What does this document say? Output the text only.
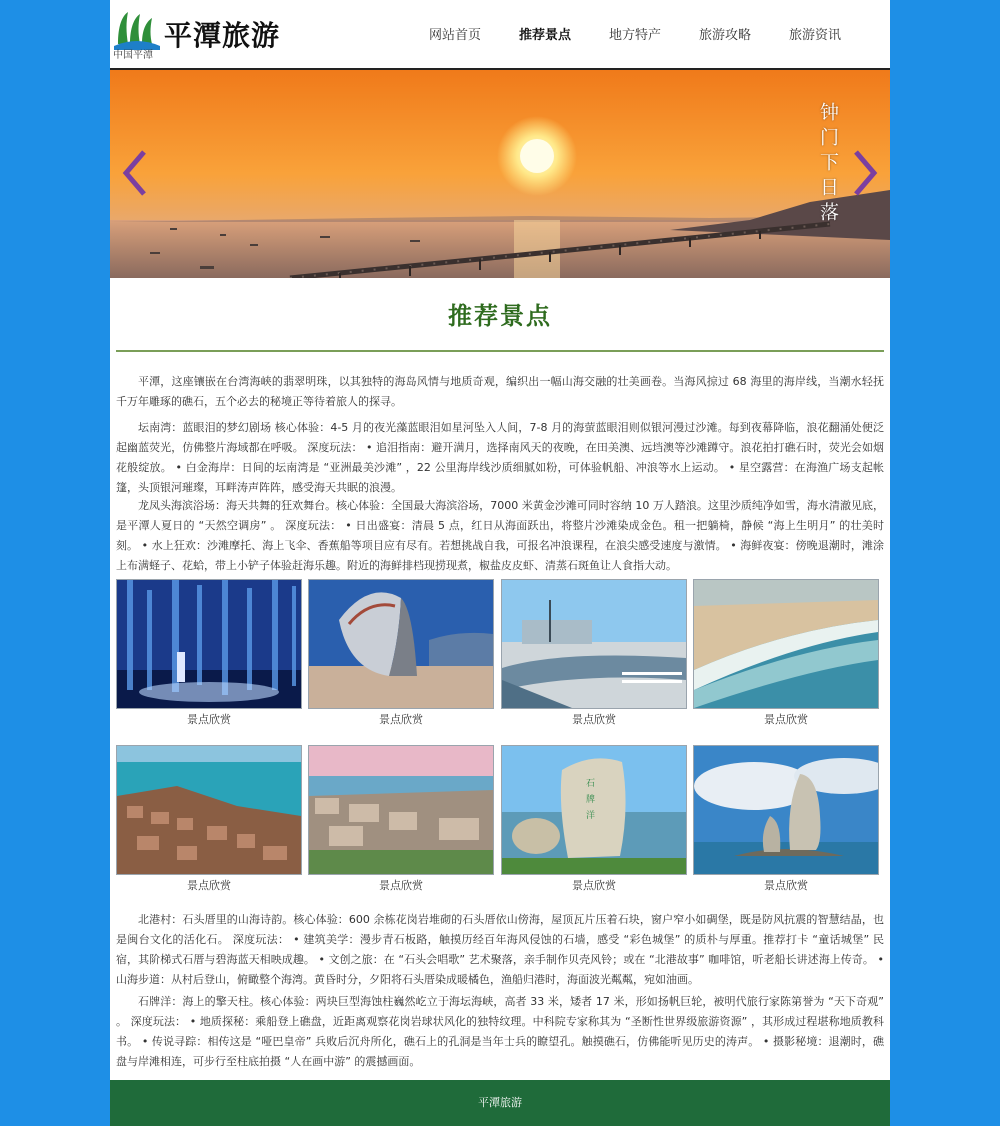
中国平潭
平潭旅游	网站首页	推荐景点	地方特产	旅游攻略	旅游资讯
钟门下日落
推荐景点

平潭，这座镶嵌在台湾海峡的翡翠明珠，以其独特的海岛风情与地质奇观，编织出一幅山海交融的壮美画卷。当海风掠过 68 海里的海岸线，当潮水轻抚千万年雕琢的礁石，五个必去的秘境正等待着旅人的探寻。

坛南湾：蓝眼泪的梦幻剧场 核心体验：4-5 月的夜光藻蓝眼泪如星河坠入人间，7-8 月的海萤蓝眼泪则似银河漫过沙滩。每到夜幕降临，浪花翻涌处便泛起幽蓝荧光，仿佛整片海域都在呼吸。 深度玩法： • 追泪指南：避开满月，选择南风天的夜晚，在田美澳、远垱澳等沙滩蹲守。浪花拍打礁石时，荧光会如烟花般绽放。 • 白金海岸：日间的坛南湾是 “亚洲最美沙滩” ，22 公里海岸线沙质细腻如粉，可体验帆船、冲浪等水上运动。 • 星空露营：在海渔广场支起帐篷，头顶银河璀璨，耳畔涛声阵阵，感受海天共眠的浪漫。

龙凤头海滨浴场：海天共舞的狂欢舞台。核心体验：全国最大海滨浴场，7000 米黄金沙滩可同时容纳 10 万人踏浪。这里沙质纯净如雪，海水清澈见底，是平潭人夏日的 “天然空调房” 。 深度玩法： • 日出盛宴：清晨 5 点，红日从海面跃出，将整片沙滩染成金色。租一把躺椅，静候 “海上生明月” 的壮美时刻。 • 水上狂欢：沙滩摩托、海上飞伞、香蕉船等项目应有尽有。若想挑战自我，可报名冲浪课程，在浪尖感受速度与激情。 • 海鲜夜宴：傍晚退潮时，滩涂上布满蛏子、花蛤，带上小铲子体验赶海乐趣。附近的海鲜排档现捞现煮，椒盐皮皮虾、清蒸石斑鱼让人食指大动。

景点欣赏	景点欣赏	景点欣赏	景点欣赏
景点欣赏	景点欣赏
石
牌
洋
景点欣赏	景点欣赏

北港村：石头厝里的山海诗韵。核心体验：600 余栋花岗岩堆砌的石头厝依山傍海，屋顶瓦片压着石块，窗户窄小如碉堡，既是防风抗震的智慧结晶，也是闽台文化的活化石。 深度玩法： • 建筑美学：漫步青石板路，触摸历经百年海风侵蚀的石墙，感受 “彩色城堡” 的质朴与厚重。推荐打卡 “童话城堡” 民宿，其阶梯式石厝与碧海蓝天相映成趣。 • 文创之旅：在 “石头会唱歌” 艺术聚落，亲手制作贝壳风铃；或在 “北港故事” 咖啡馆，听老船长讲述海上传奇。 • 山海步道：从村后登山，俯瞰整个海湾。黄昏时分，夕阳将石头厝染成暖橘色，渔船归港时，海面波光粼粼，宛如油画。

石牌洋：海上的擎天柱。核心体验：两块巨型海蚀柱巍然屹立于海坛海峡，高者 33 米，矮者 17 米，形如扬帆巨轮，被明代旅行家陈第誉为 “天下奇观” 。 深度玩法： • 地质探秘：乘船登上礁盘，近距离观察花岗岩球状风化的独特纹理。中科院专家称其为 “圣断性世界级旅游资源” ，其形成过程堪称地质教科书。 • 传说寻踪：相传这是 “哑巴皇帝” 兵败后沉舟所化，礁石上的孔洞是当年士兵的瞭望孔。触摸礁石，仿佛能听见历史的涛声。 • 摄影秘境：退潮时，礁盘与岸滩相连，可步行至柱底拍摄 “人在画中游” 的震撼画面。

平潭旅游
